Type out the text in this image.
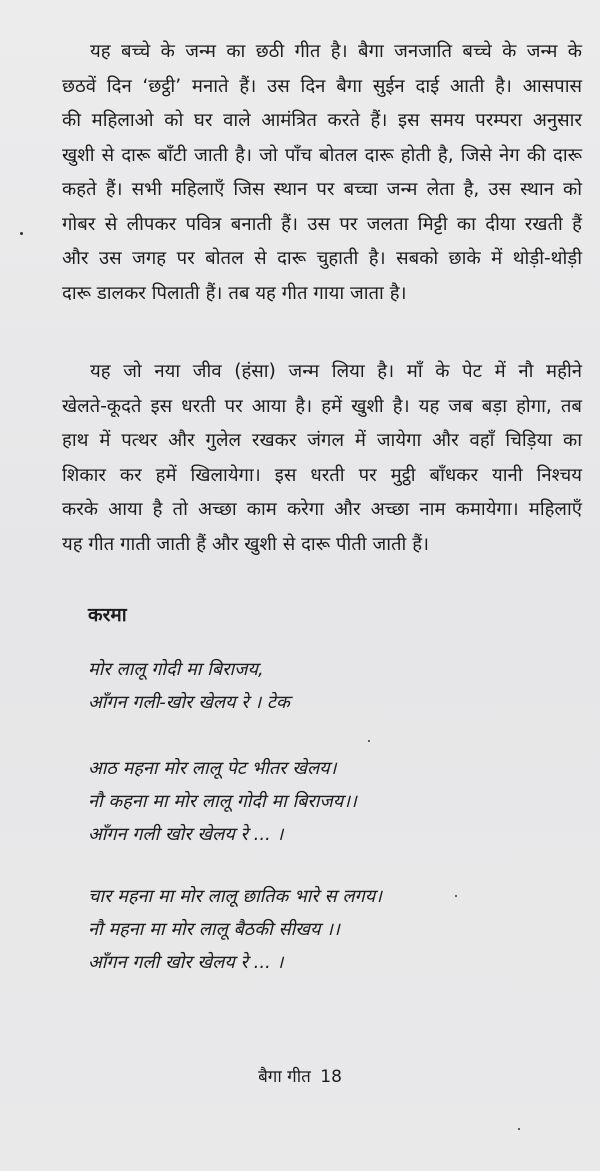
यह बच्चे के जन्म का छठी गीत है। बैगा जनजाति बच्चे के जन्म के

छठवें दिन ‘छट्ठी’ मनाते हैं। उस दिन बैगा सुईन दाई आती है। आसपास

की महिलाओ को घर वाले आमंत्रित करते हैं। इस समय परम्परा अनुसार

खुशी से दारू बाँटी जाती है। जो पाँच बोतल दारू होती है, जिसे नेग की दारू

कहते हैं। सभी महिलाएँ जिस स्थान पर बच्चा जन्म लेता है, उस स्थान को

गोबर से लीपकर पवित्र बनाती हैं। उस पर जलता मिट्टी का दीया रखती हैं

और उस जगह पर बोतल से दारू चुहाती है। सबको छाके में थोड़ी-थोड़ी

दारू डालकर पिलाती हैं। तब यह गीत गाया जाता है।

यह जो नया जीव (हंसा) जन्म लिया है। माँ के पेट में नौ महीने

खेलते-कूदते इस धरती पर आया है। हमें खुशी है। यह जब बड़ा होगा, तब

हाथ में पत्थर और गुलेल रखकर जंगल में जायेगा और वहाँ चिड़िया का

शिकार कर हमें खिलायेगा। इस धरती पर मुट्ठी बाँधकर यानी निश्चय

करके आया है तो अच्छा काम करेगा और अच्छा नाम कमायेगा। महिलाएँ

यह गीत गाती जाती हैं और खुशी से दारू पीती जाती हैं।

करमा
मोर लालू गोदी मा बिराजय,
आँगन गली-खोर खेलय रे । टेक
आठ महना मोर लालू पेट भीतर खेलय।
नौ कहना मा मोर लालू गोदी मा बिराजय।।
आँगन गली खोर खेलय रे ... ।
चार महना मा मोर लालू छातिक भारे स लगय।
नौ महना मा मोर लालू बैठकी सीखय ।।
आँगन गली खोर खेलय रे ... ।
बैगा गीत 18
